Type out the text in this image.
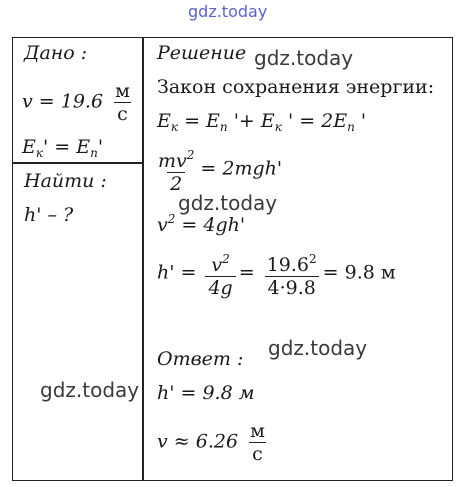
gdz.today
gdz.today
gdz.today
gdz.today
gdz.today
Дано :
$v = 19.6 \frac{м}{с}$
$E_к' = E_п'$
Найти :
h' – ?
Решение
Закон сохранения энергии:
$E_к = E_п$ '+ $E_к$ ' = $2E_п$ '
$\frac{mv^2}{2} = 2mgh'$
$v^2 = 4gh'$
$h' = \frac{v^2}{4g} = \frac{19.6^2}{4\cdot 9.8} = 9.8$ м
Ответ :
h' = 9.8 м
$v \approx 6.26 \frac{м}{с}$
